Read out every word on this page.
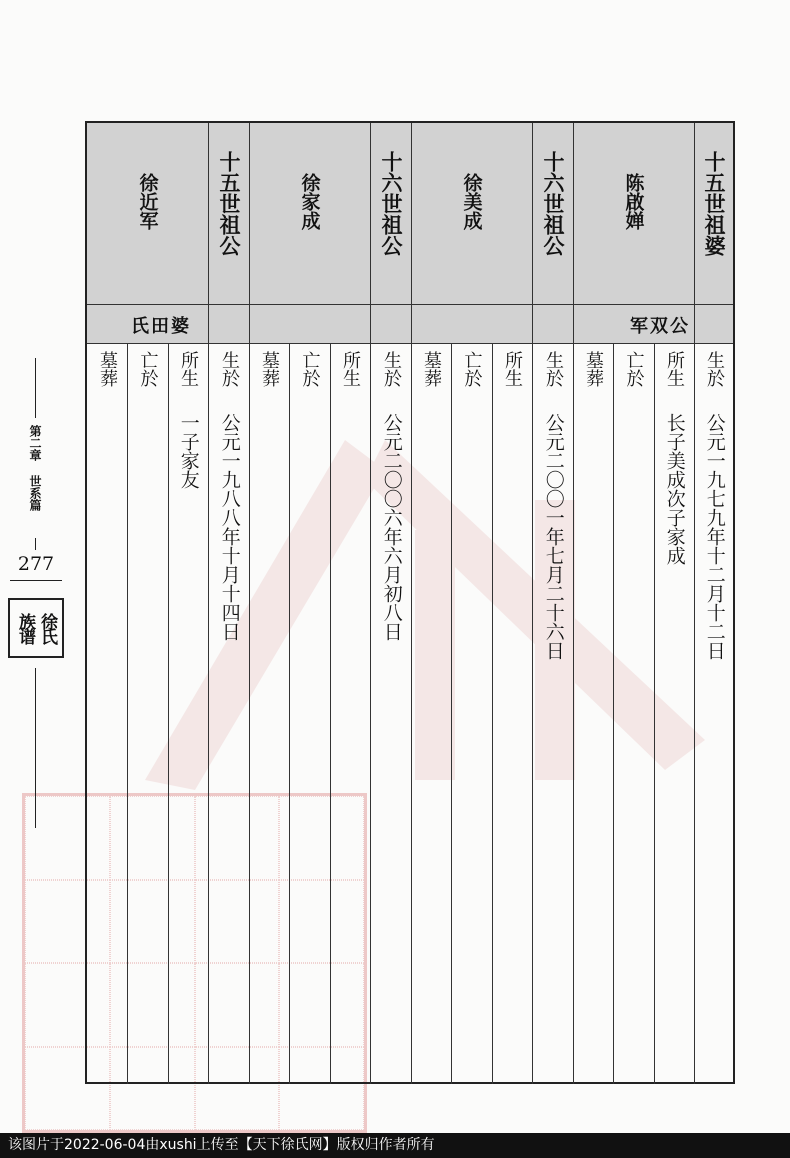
第二章 世系篇
277
徐氏
族谱
十五世祖婆
陈啟婵
军双公
生於
所生
亡於
墓葬
公元一九七九年十二月十二日
长子美成次子家成
十六世祖公
徐美成
生於
所生
亡於
墓葬
公元二〇〇一年七月二十六日
十六世祖公
徐家成
生於
所生
亡於
墓葬
公元二〇〇六年六月初八日
十五世祖公
徐近军
氏田婆
生於
所生
亡於
墓葬
公元一九八八年十月十四日
一子家友
该图片于2022-06-04由xushi上传至【天下徐氏网】版权归作者所有
